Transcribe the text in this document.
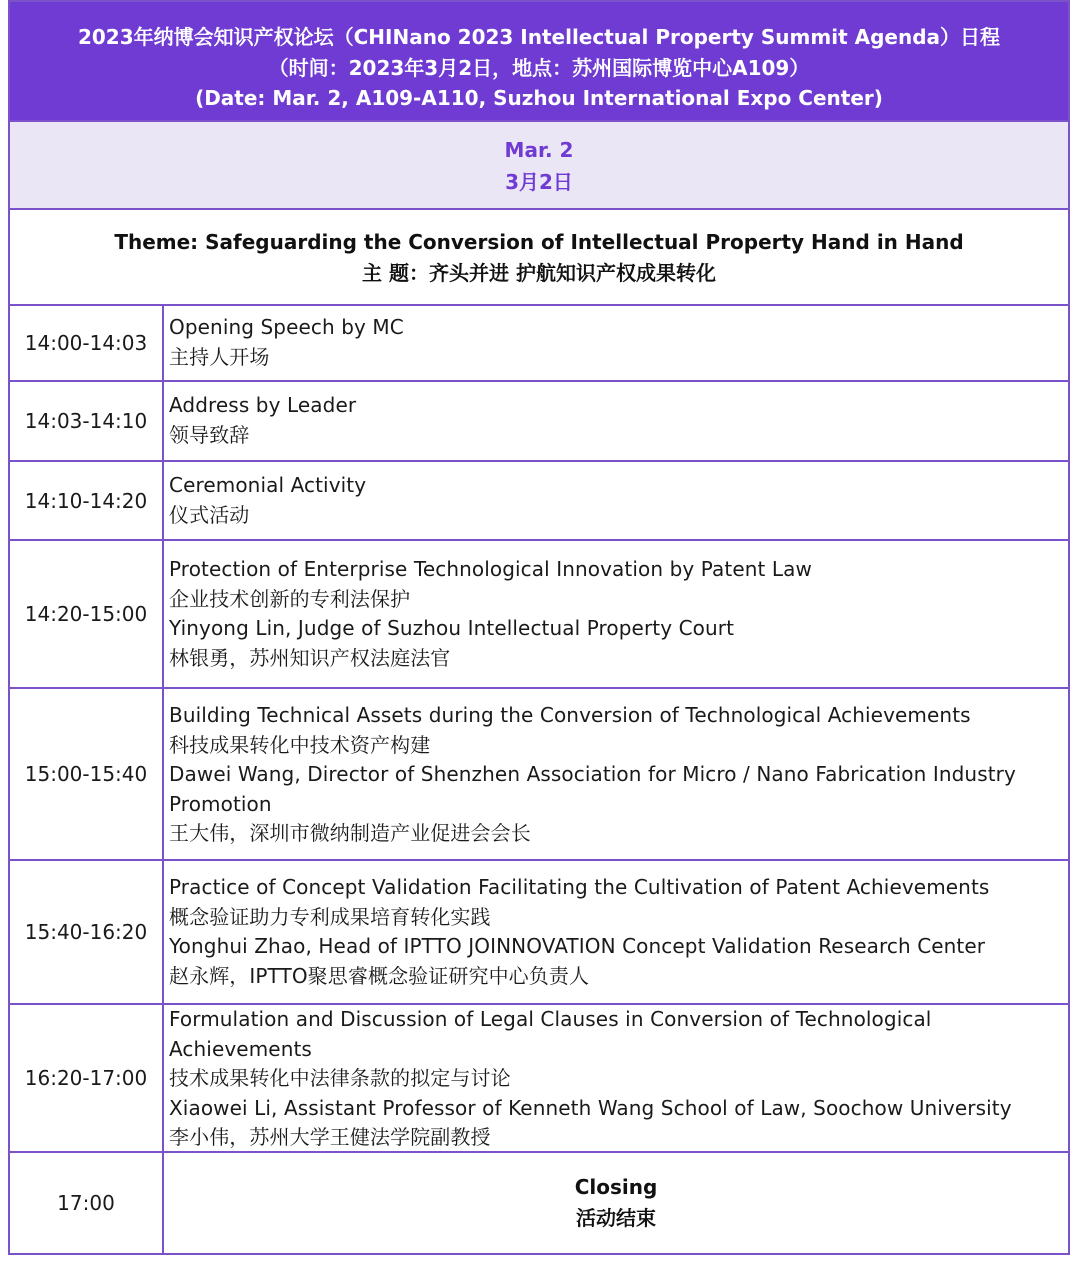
2023年纳博会知识产权论坛（CHINano 2023 Intellectual Property Summit Agenda）日程
（时间：2023年3月2日，地点：苏州国际博览中心A109）
(Date: Mar. 2, A109-A110, Suzhou International Expo Center)
Mar. 2
3月2日
Theme: Safeguarding the Conversion of Intellectual Property Hand in Hand
主 题：齐头并进 护航知识产权成果转化
14:00-14:03
Opening Speech by MC
主持人开场
14:03-14:10
Address by Leader
领导致辞
14:10-14:20
Ceremonial Activity
仪式活动
14:20-15:00
Protection of Enterprise Technological Innovation by Patent Law
企业技术创新的专利法保护
Yinyong Lin, Judge of Suzhou Intellectual Property Court
林银勇，苏州知识产权法庭法官
15:00-15:40
Building Technical Assets during the Conversion of Technological Achievements
科技成果转化中技术资产构建
Dawei Wang, Director of Shenzhen Association for Micro / Nano Fabrication Industry Promotion
王大伟，深圳市微纳制造产业促进会会长
15:40-16:20
Practice of Concept Validation Facilitating the Cultivation of Patent Achievements
概念验证助力专利成果培育转化实践
Yonghui Zhao, Head of IPTTO JOINNOVATION Concept Validation Research Center
赵永辉，IPTTO聚思睿概念验证研究中心负责人
16:20-17:00
Formulation and Discussion of Legal Clauses in Conversion of Technological Achievements
技术成果转化中法律条款的拟定与讨论
Xiaowei Li, Assistant Professor of Kenneth Wang School of Law, Soochow University
李小伟，苏州大学王健法学院副教授
17:00
Closing
活动结束
